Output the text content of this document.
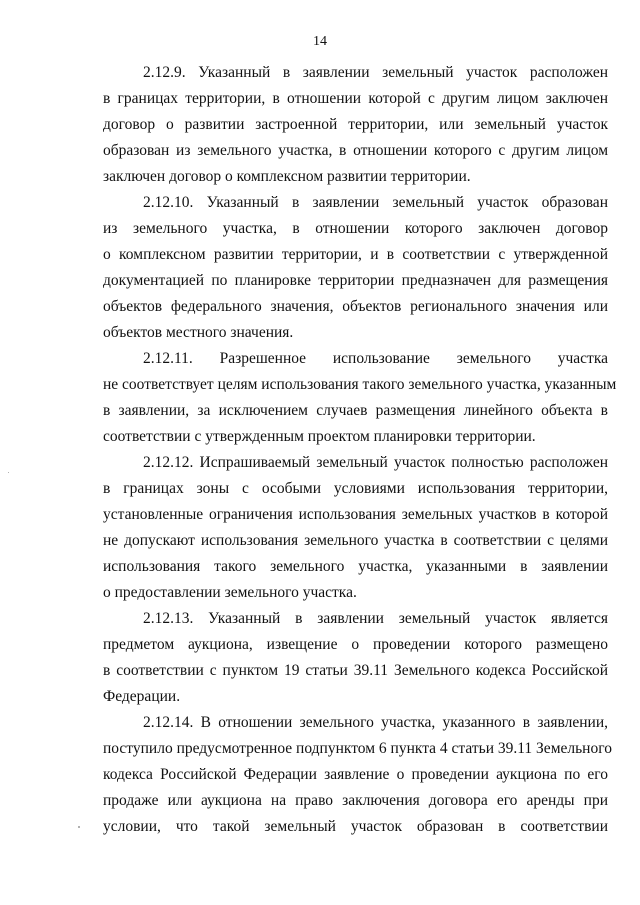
14
2.12.9. Указанный в заявлении земельный участок расположен
в границах территории, в отношении которой с другим лицом заключен
договор о развитии застроенной территории, или земельный участок
образован из земельного участка, в отношении которого с другим лицом
заключен договор о комплексном развитии территории.
2.12.10. Указанный в заявлении земельный участок образован
из земельного участка, в отношении которого заключен договор
о комплексном развитии территории, и в соответствии с утвержденной
документацией по планировке территории предназначен для размещения
объектов федерального значения, объектов регионального значения или
объектов местного значения.
2.12.11. Разрешенное использование земельного участка
не соответствует целям использования такого земельного участка, указанным
в заявлении, за исключением случаев размещения линейного объекта в
соответствии с утвержденным проектом планировки территории.
2.12.12. Испрашиваемый земельный участок полностью расположен
в границах зоны с особыми условиями использования территории,
установленные ограничения использования земельных участков в которой
не допускают использования земельного участка в соответствии с целями
использования такого земельного участка, указанными в заявлении
о предоставлении земельного участка.
2.12.13. Указанный в заявлении земельный участок является
предметом аукциона, извещение о проведении которого размещено
в соответствии с пунктом 19 статьи 39.11 Земельного кодекса Российской
Федерации.
2.12.14. В отношении земельного участка, указанного в заявлении,
поступило предусмотренное подпунктом 6 пункта 4 статьи 39.11 Земельного
кодекса Российской Федерации заявление о проведении аукциона по его
продаже или аукциона на право заключения договора его аренды при
условии, что такой земельный участок образован в соответствии
